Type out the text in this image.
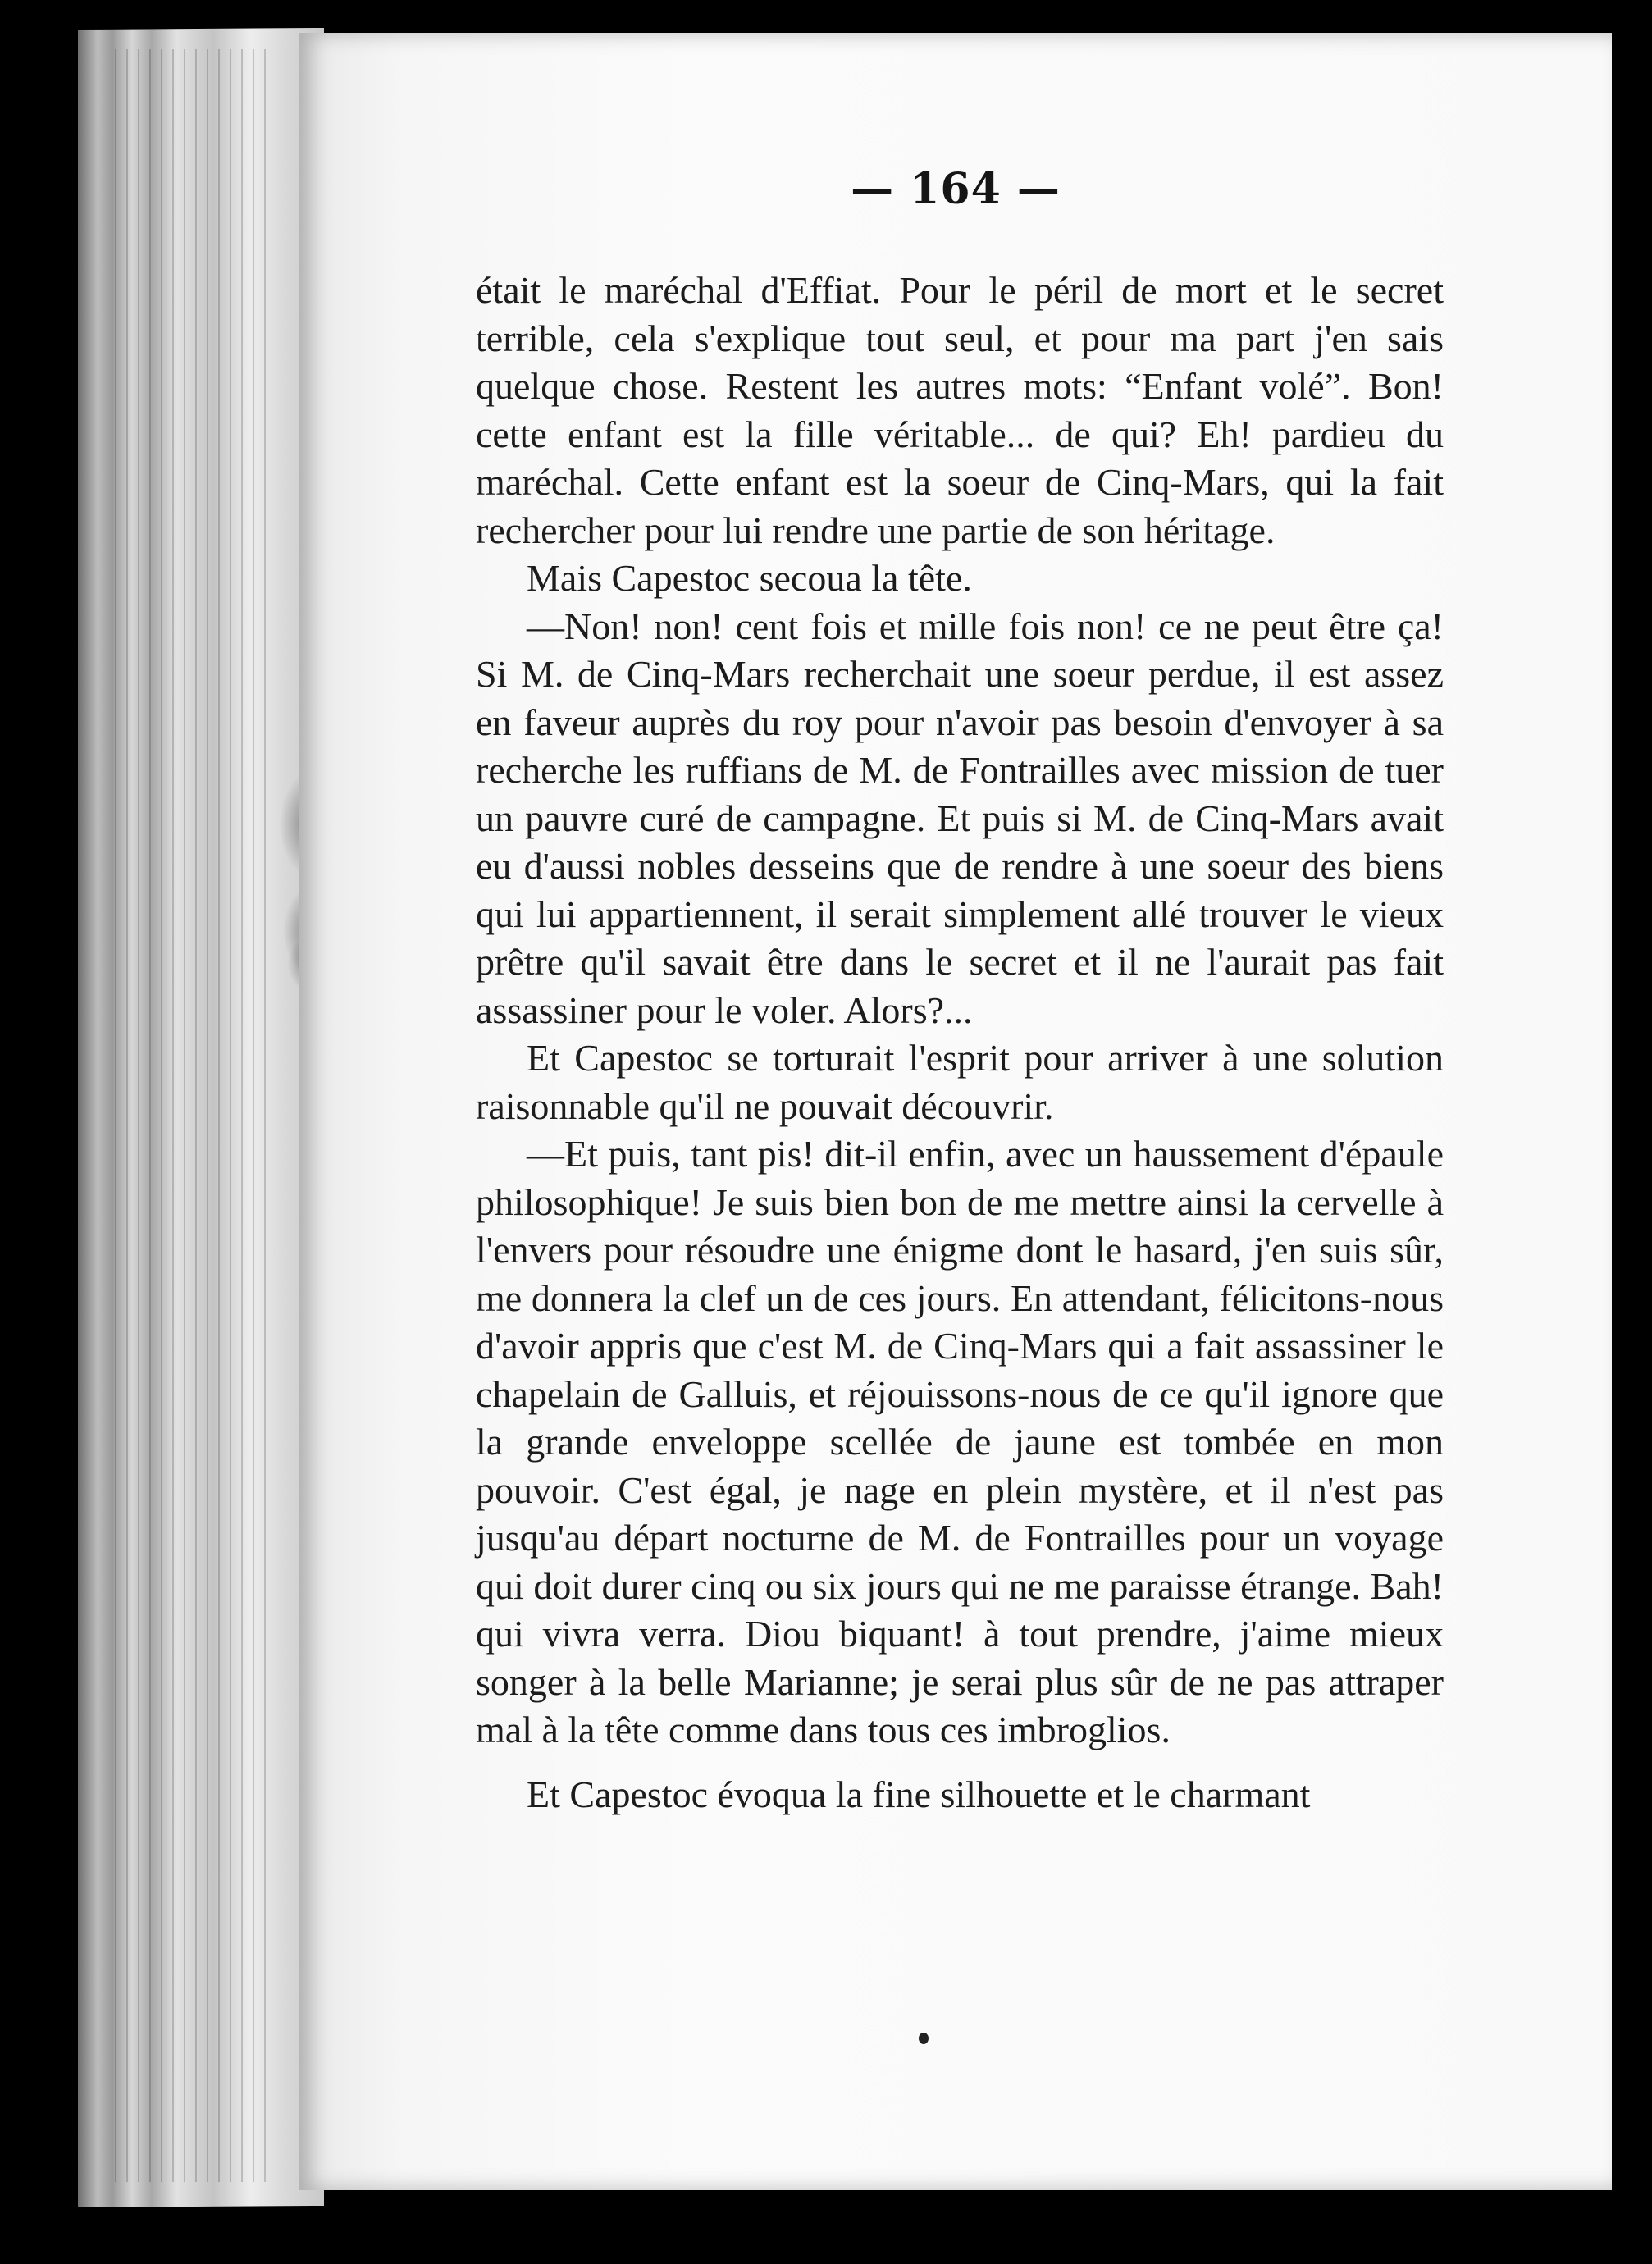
— 164 —

était le maréchal d'Effiat. Pour le péril de mort et le secret terrible, cela s'explique tout seul, et pour ma part j'en sais quelque chose. Restent les autres mots: “Enfant volé”. Bon! cette enfant est la fille véritable... de qui? Eh! pardieu du maréchal. Cette enfant est la soeur de Cinq-Mars, qui la fait rechercher pour lui rendre une partie de son héritage.

Mais Capestoc secoua la tête.

—Non! non! cent fois et mille fois non! ce ne peut être ça! Si M. de Cinq-Mars recherchait une soeur perdue, il est assez en faveur auprès du roy pour n'avoir pas besoin d'envoyer à sa recherche les ruffians de M. de Fontrailles avec mission de tuer un pauvre curé de campagne. Et puis si M. de Cinq-Mars avait eu d'aussi nobles desseins que de rendre à une soeur des biens qui lui appartiennent, il serait simplement allé trouver le vieux prêtre qu'il savait être dans le secret et il ne l'aurait pas fait assassiner pour le voler. Alors?...

Et Capestoc se torturait l'esprit pour arriver à une solution raisonnable qu'il ne pouvait découvrir.

—Et puis, tant pis! dit-il enfin, avec un haussement d'épaule philosophique! Je suis bien bon de me mettre ainsi la cervelle à l'envers pour résoudre une énigme dont le hasard, j'en suis sûr, me donnera la clef un de ces jours. En attendant, félicitons-nous d'avoir appris que c'est M. de Cinq-Mars qui a fait assassiner le chapelain de Galluis, et réjouissons-nous de ce qu'il ignore que la grande enveloppe scellée de jaune est tombée en mon pouvoir. C'est égal, je nage en plein mystère, et il n'est pas jusqu'au départ nocturne de M. de Fontrailles pour un voyage qui doit durer cinq ou six jours qui ne me paraisse étrange. Bah! qui vivra verra. Diou biquant! à tout prendre, j'aime mieux songer à la belle Marianne; je serai plus sûr de ne pas attraper mal à la tête comme dans tous ces imbroglios.

Et Capestoc évoqua la fine silhouette et le charmant
